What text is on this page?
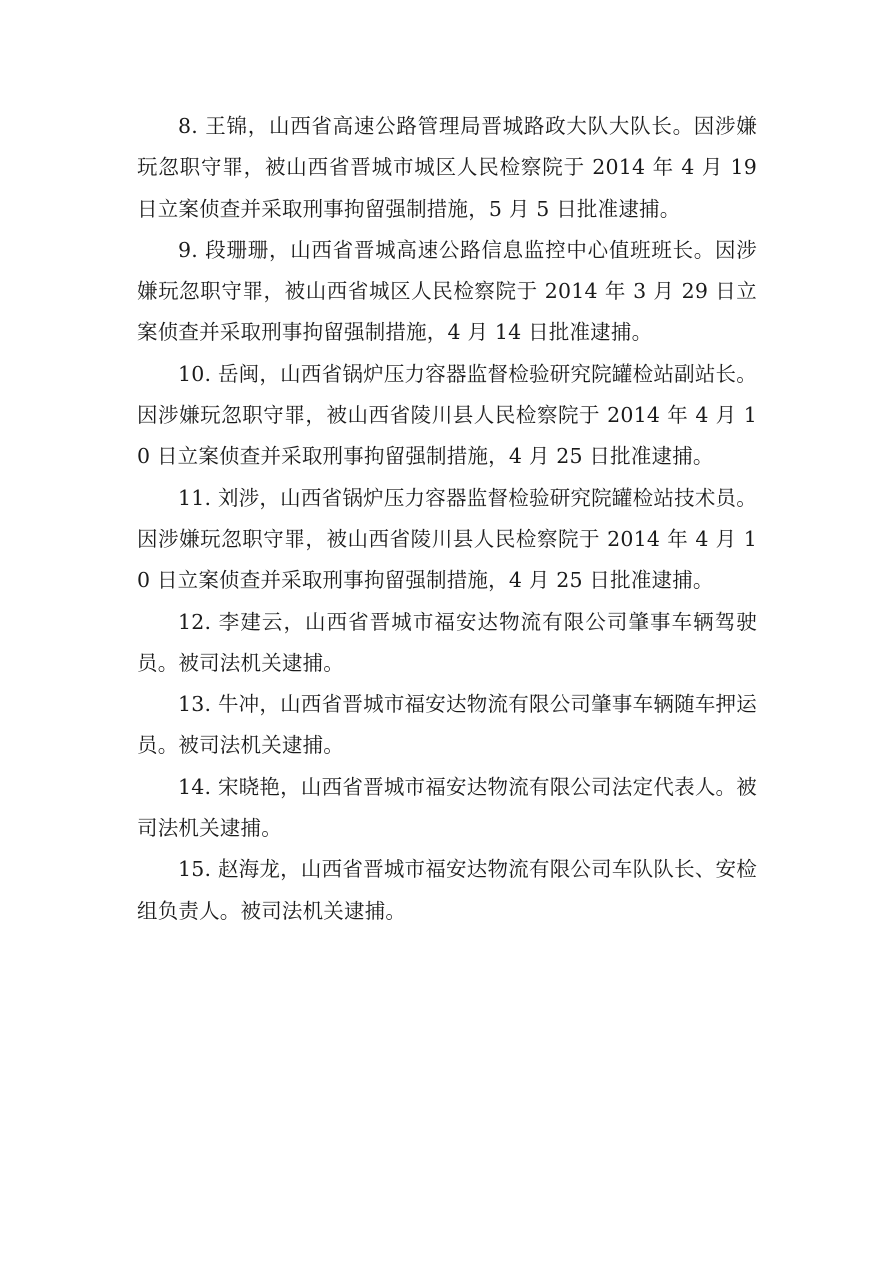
8. 王锦，山西省高速公路管理局晋城路政大队大队长。因涉嫌玩忽职守罪，被山西省晋城市城区人民检察院于 2014 年 4 月 19 日立案侦查并采取刑事拘留强制措施，5 月 5 日批准逮捕。

9. 段珊珊，山西省晋城高速公路信息监控中心值班班长。因涉嫌玩忽职守罪，被山西省城区人民检察院于 2014 年 3 月 29 日立案侦查并采取刑事拘留强制措施，4 月 14 日批准逮捕。

10. 岳闽，山西省锅炉压力容器监督检验研究院罐检站副站长。因涉嫌玩忽职守罪，被山西省陵川县人民检察院于 2014 年 4 月 10 日立案侦查并采取刑事拘留强制措施，4 月 25 日批准逮捕。

11. 刘涉，山西省锅炉压力容器监督检验研究院罐检站技术员。因涉嫌玩忽职守罪，被山西省陵川县人民检察院于 2014 年 4 月 10 日立案侦查并采取刑事拘留强制措施，4 月 25 日批准逮捕。

12. 李建云，山西省晋城市福安达物流有限公司肇事车辆驾驶员。被司法机关逮捕。

13. 牛冲，山西省晋城市福安达物流有限公司肇事车辆随车押运员。被司法机关逮捕。

14. 宋晓艳，山西省晋城市福安达物流有限公司法定代表人。被司法机关逮捕。

15. 赵海龙，山西省晋城市福安达物流有限公司车队队长、安检组负责人。被司法机关逮捕。
